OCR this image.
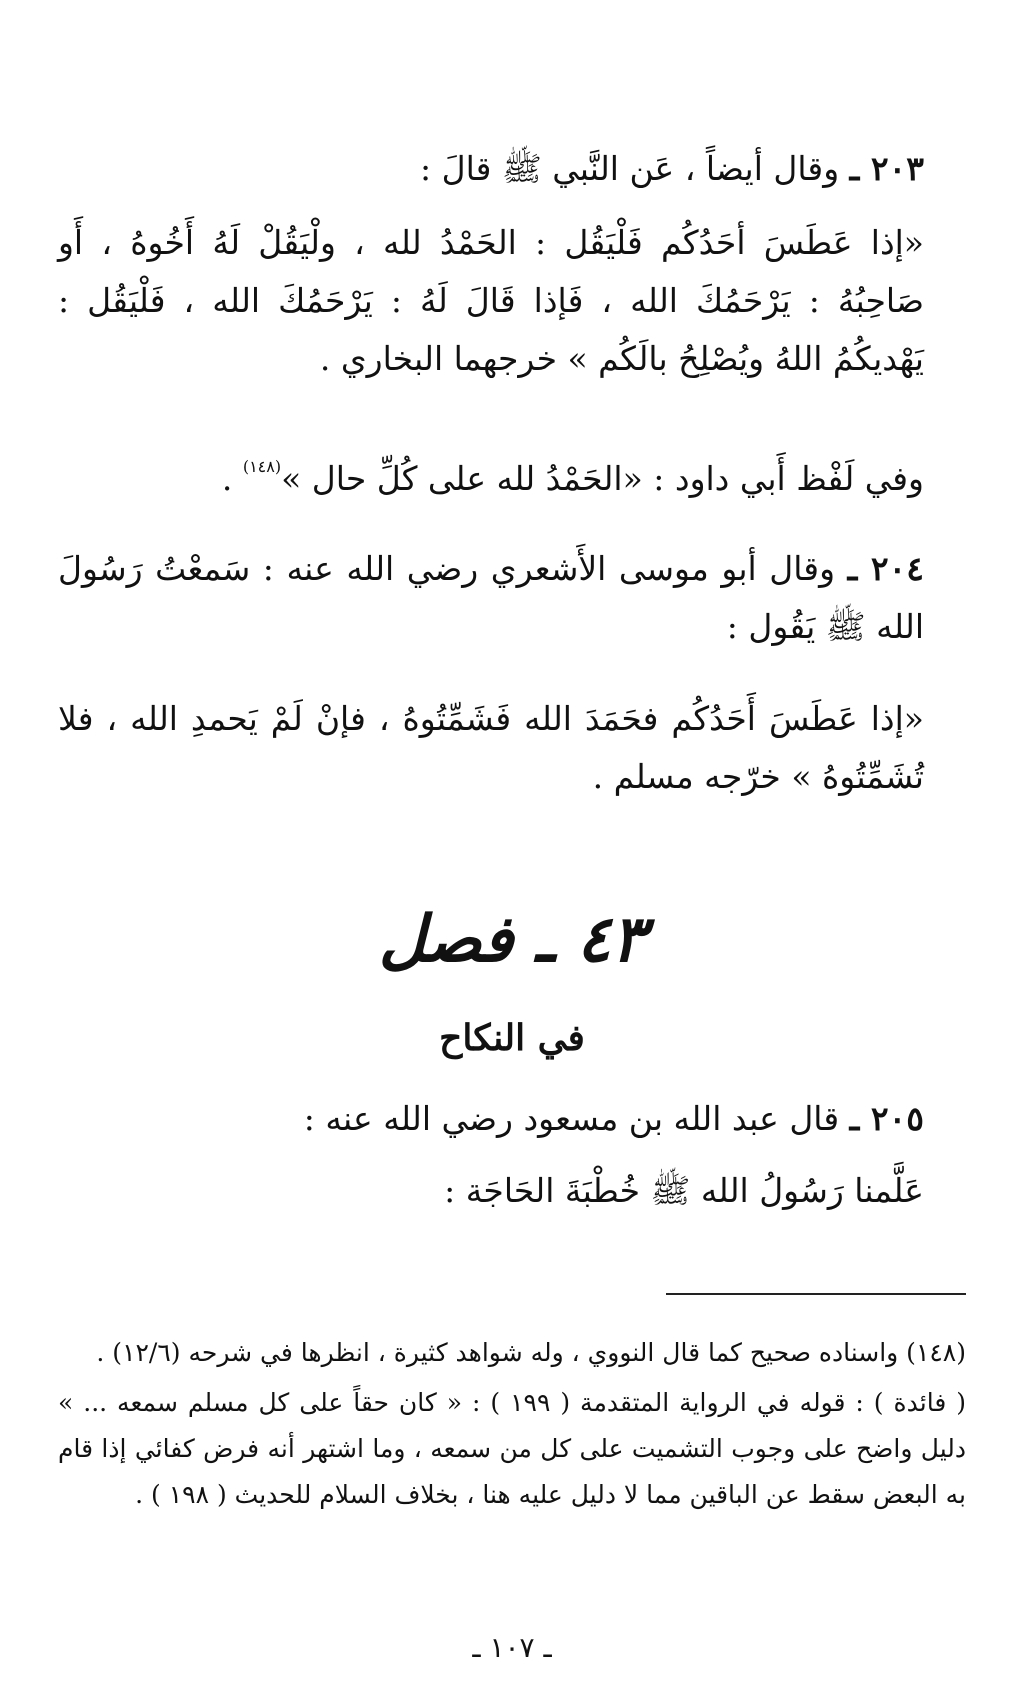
٢٠٣ ـ وقال أيضاً ، عَن النَّبي ﷺ قالَ :
«إذا عَطَسَ أحَدُكُم فَلْيَقُل : الحَمْدُ لله ، ولْيَقُلْ لَهُ أَخُوهُ ، أَو صَاحِبُهُ : يَرْحَمُكَ الله ، فَإذا قَالَ لَهُ : يَرْحَمُكَ الله ، فَلْيَقُل : يَهْديكُمُ اللهُ ويُصْلِحُ بالَكُم » خرجهما البخاري .
وفي لَفْظ أَبي داود : «الحَمْدُ لله على كُلِّ حال »$^{(١٤٨)}$ .
٢٠٤ ـ وقال أبو موسى الأَشعري رضي الله عنه : سَمعْتُ رَسُولَ الله ﷺ يَقُول :
«إذا عَطَسَ أَحَدُكُم فحَمَدَ الله فَشَمِّتُوهُ ، فإنْ لَمْ يَحمدِ الله ، فلا تُشَمِّتُوهُ » خرّجه مسلم .
٤٣ ـ فصل
في النكاح
٢٠٥ ـ قال عبد الله بن مسعود رضي الله عنه :
عَلَّمنا رَسُولُ الله ﷺ خُطْبَةَ الحَاجَة :
(١٤٨) واسناده صحيح كما قال النووي ، وله شواهد كثيرة ، انظرها في شرحه (١٢/٦) .
( فائدة ) : قوله في الرواية المتقدمة ( ١٩٩ ) : « كان حقاً على كل مسلم سمعه ... » دليل واضح على وجوب التشميت على كل من سمعه ، وما اشتهر أنه فرض كفائي إذا قام به البعض سقط عن الباقين مما لا دليل عليه هنا ، بخلاف السلام للحديث ( ١٩٨ ) .
ـ ١٠٧ ـ
